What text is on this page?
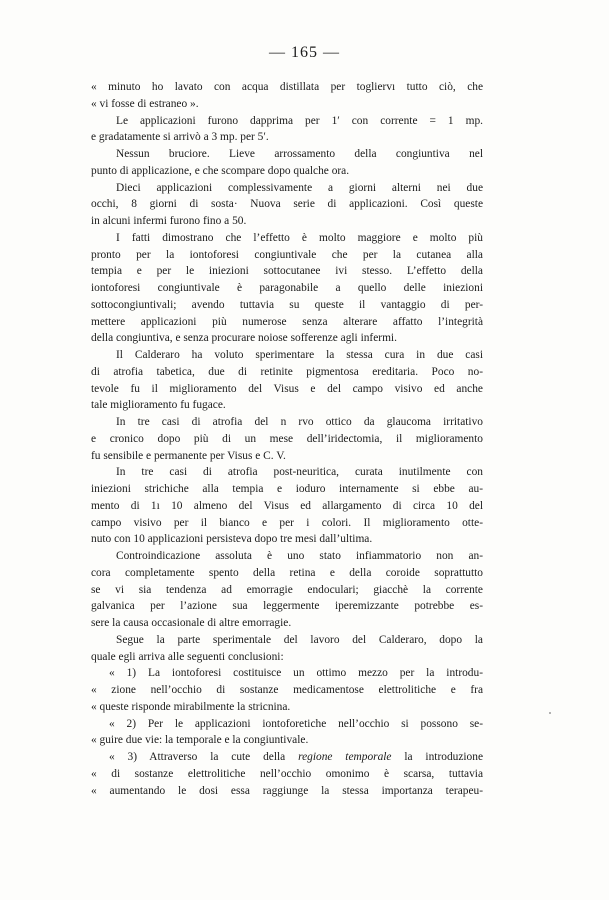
— 165 —
« minuto ho lavato con acqua distillata per togliervı tutto ciò, che
« vi fosse di estraneo ».
Le applicazioni furono dapprima per 1′ con corrente = 1 mp.
e gradatamente si arrivò a 3 mp. per 5′.
Nessun bruciore. Lieve arrossamento della congiuntiva nel
punto di applicazione, e che scompare dopo qualche ora.
Dieci applicazioni complessivamente a giorni alterni nei due
occhi, 8 giorni di sosta· Nuova serie di applicazioni. Così queste
in alcuni infermi furono fino a 50.
I fatti dimostrano che l’effetto è molto maggiore e molto più
pronto per la iontoforesi congiuntivale che per la cutanea alla
tempia e per le iniezioni sottocutanee ivi stesso. L’effetto della
iontoforesi congiuntivale è paragonabile a quello delle iniezioni
sottocongiuntivali; avendo tuttavia su queste il vantaggio di per-
mettere applicazioni più numerose senza alterare affatto l’integrità
della congiuntiva, e senza procurare noiose sofferenze agli infermi.
Il Calderaro ha voluto sperimentare la stessa cura in due casi
di atrofia tabetica, due di retinite pigmentosa ereditaria. Poco no-
tevole fu il miglioramento del Visus e del campo visivo ed anche
tale miglioramento fu fugace.
In tre casi di atrofia del n rvo ottico da glaucoma irritativo
e cronico dopo più di un mese dell’iridectomia, il miglioramento
fu sensibile e permanente per Visus e C. V.
In tre casi di atrofia post-neuritica, curata inutilmente con
iniezioni strichiche alla tempia e ioduro internamente si ebbe au-
mento di 1ı 10 almeno del Visus ed allargamento di circa 10 del
campo visivo per il bianco e per i colori. Il miglioramento otte-
nuto con 10 applicazioni persisteva dopo tre mesi dall’ultima.
Controindicazione assoluta è uno stato infiammatorio non an-
cora completamente spento della retina e della coroide soprattutto
se vi sia tendenza ad emorragie endoculari; giacchè la corrente
galvanica per l’azione sua leggermente iperemizzante potrebbe es-
sere la causa occasionale di altre emorragie.
Segue la parte sperimentale del lavoro del Calderaro, dopo la
quale egli arriva alle seguenti conclusioni:
« 1) La iontoforesi costituisce un ottimo mezzo per la introdu-
« zione nell’occhio di sostanze medicamentose elettrolitiche e fra
« queste risponde mirabilmente la stricnina.
« 2) Per le applicazioni iontoforetiche nell’occhio si possono se-
« guire due vie: la temporale e la congiuntivale.
« 3) Attraverso la cute della regione temporale la introduzione
« di sostanze elettrolitiche nell’occhio omonimo è scarsa, tuttavia
« aumentando le dosi essa raggiunge la stessa importanza terapeu-
